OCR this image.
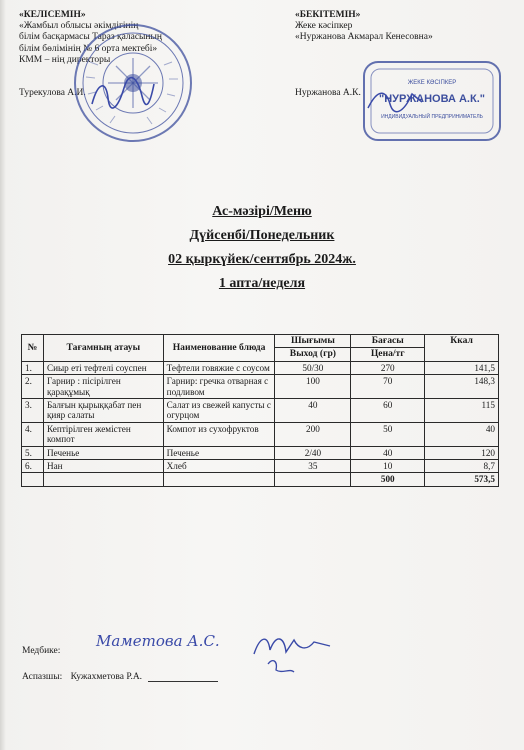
«КЕЛІСЕМІН»
«Жамбыл облысы әкімдігінің
білім басқармасы Тараз қаласының
білім бөлімінің № 6 орта мектебі»
КММ – нің директоры
Турекулова А.И.
«БЕКІТЕМІН»
Жеке кәсіпкер
«Нуржанова Акмарал Кенесовна»
Нуржанова А.К.
ЖЕКЕ КӘСІПКЕР
"НУРЖАНОВА А.К."
ИНДИВИДУАЛЬНЫЙ ПРЕДПРИНИМАТЕЛЬ
Ас-мәзірі/Меню
Дүйсенбі/Понедельник
02 қыркүйек/сентябрь 2024ж.
1 апта/неделя
№	Тағамның атауы	Наименование блюда	Шығымы	Бағасы	Ккал
			Выход (гр)	Цена/тг	
1.	Сиыр еті тефтелі соуспен	Тефтели говяжие с соусом	50/30	270	141,5
2.	Гарнир : пісірілген қарақұмық	Гарнир: гречка отварная с подливом	100	70	148,3
3.	Балғын қырыққабат пен қияр салаты	Салат из свежей капусты с огурцом	40	60	115
4.	Кептірілген жемістен компот	Компот из сухофруктов	200	50	40
5.	Печенье	Печенье	2/40	40	120
6.	Нан	Хлеб	35	10	8,7
				500	573,5
Медбике:
Маметова А.С.
Аспазшы: Кужахметова Р.А.
